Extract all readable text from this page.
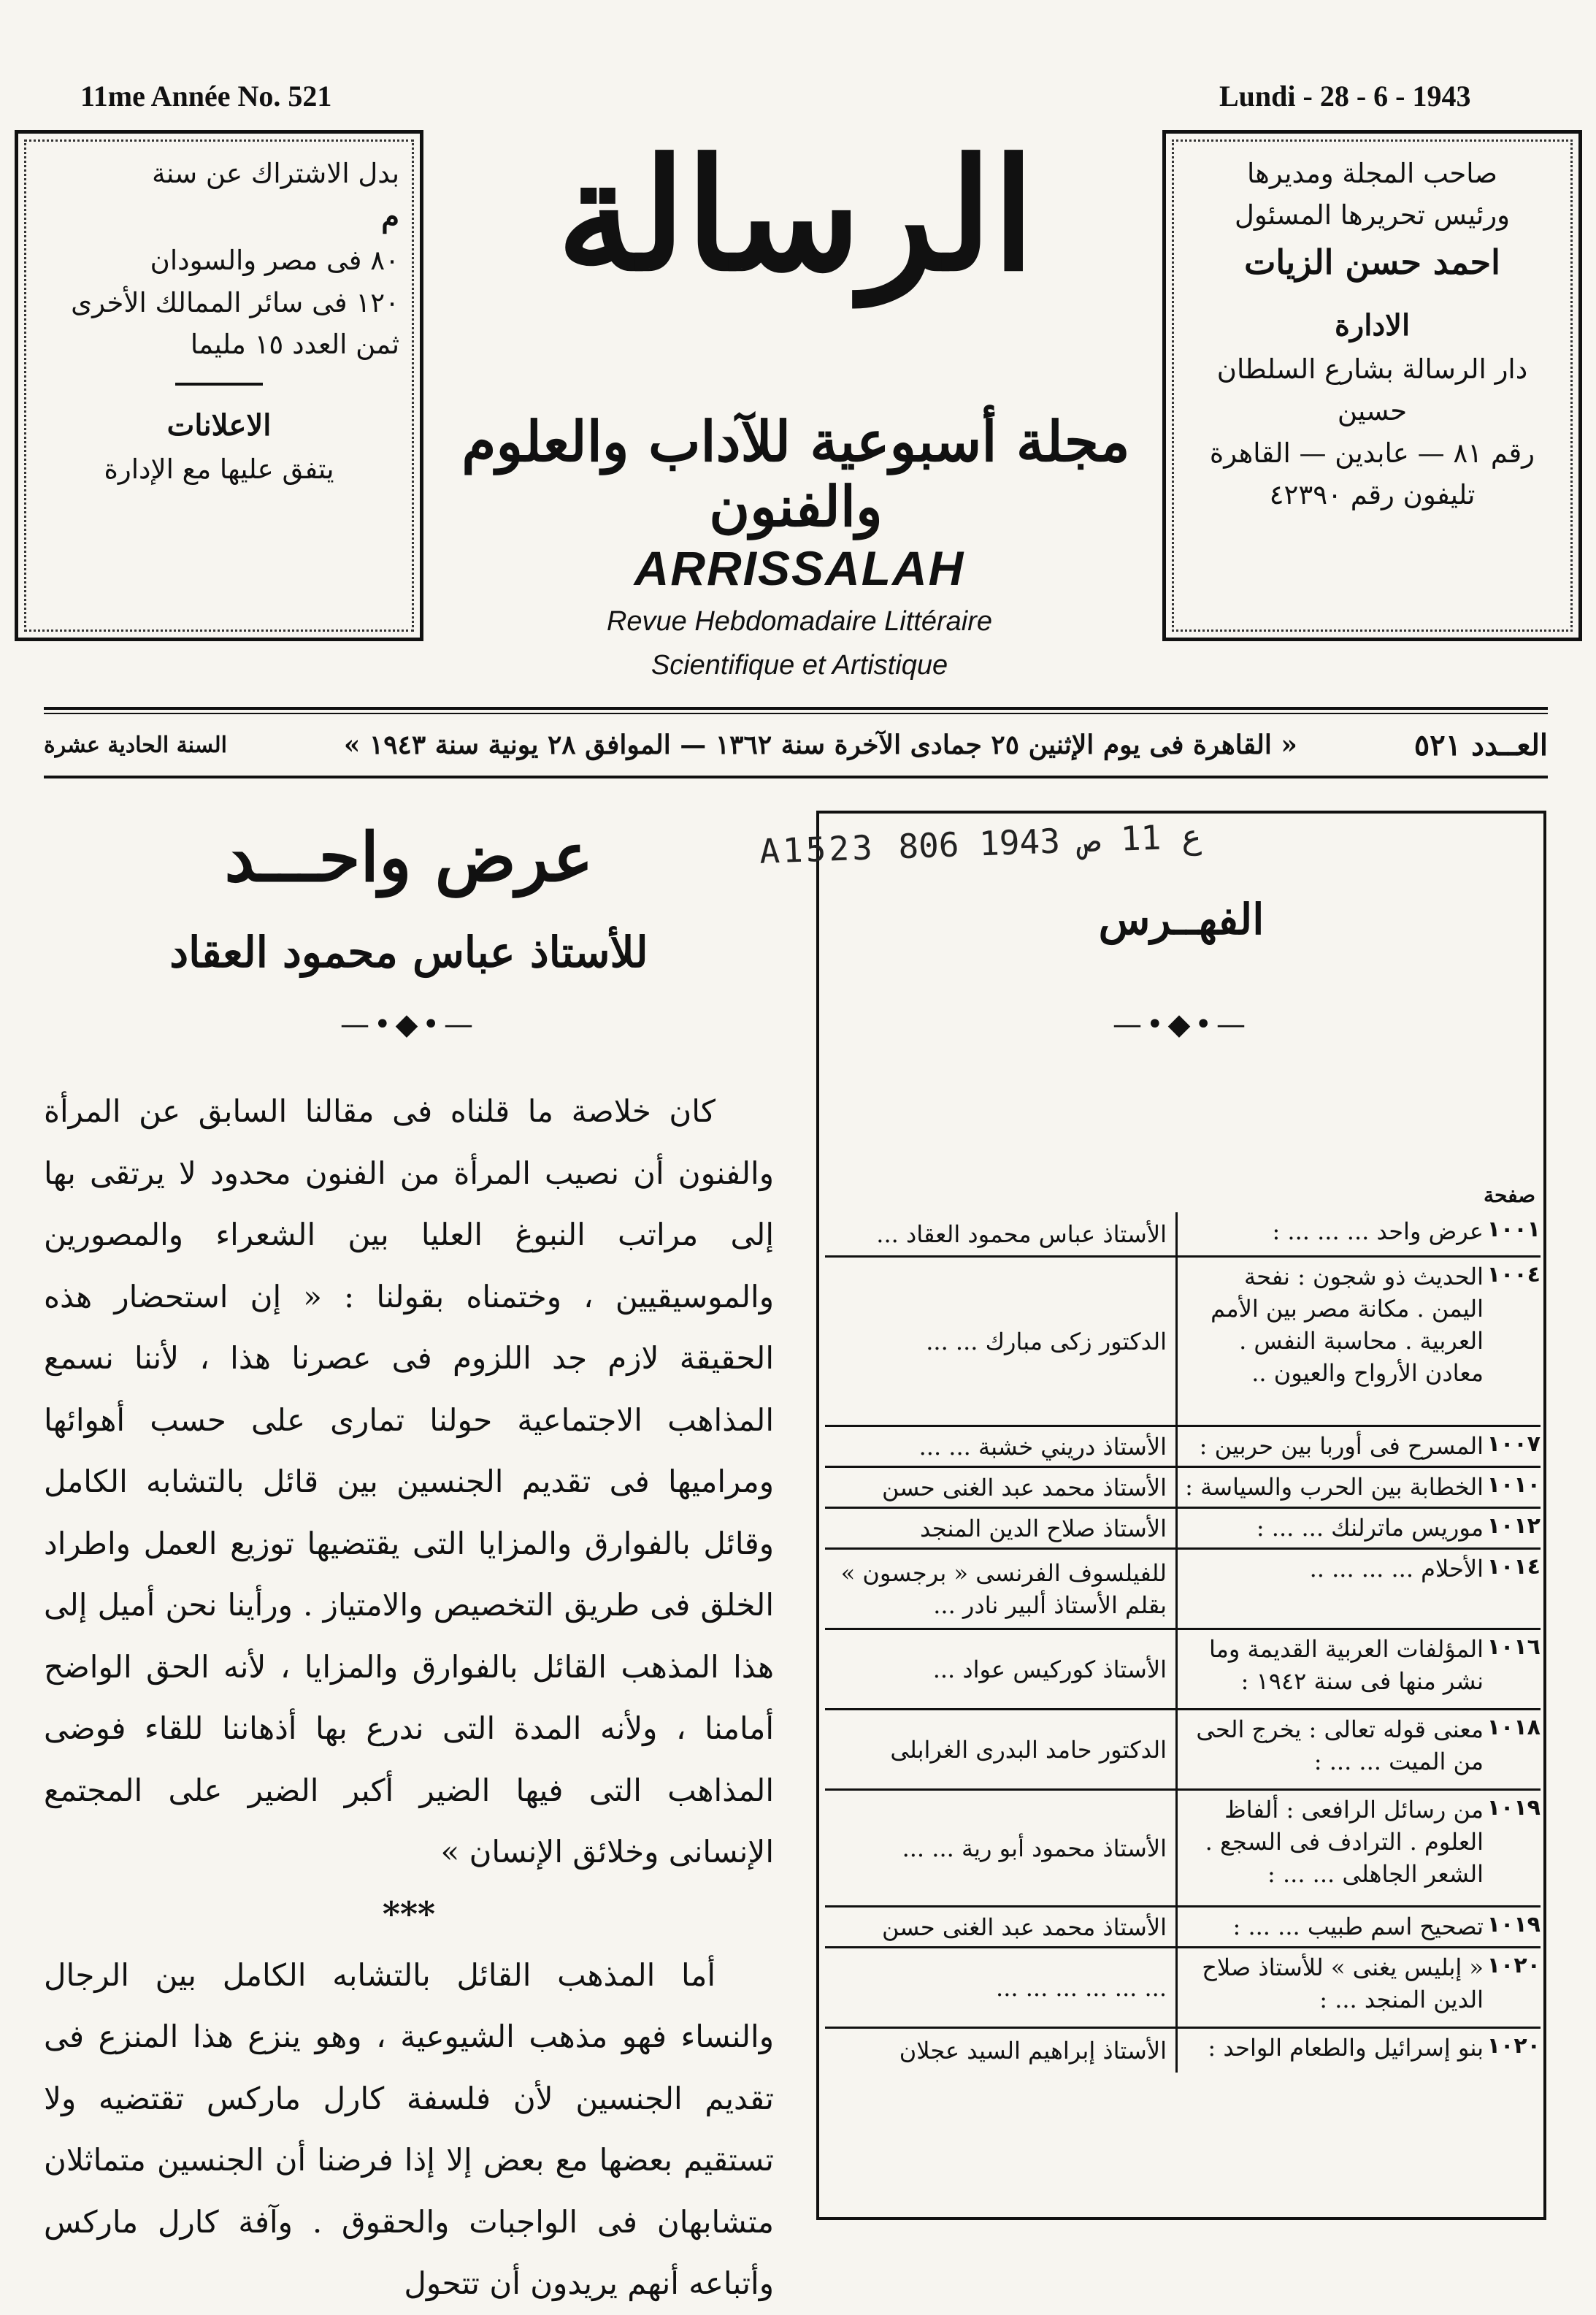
11me Année No. 521	Lundi - 28 - 6 - 1943
بدل الاشتراك عن سنة
م
٨٠ فى مصر والسودان
١٢٠ فى سائر الممالك الأخرى
ثمن العدد ١٥ مليما
الاعلانات
يتفق عليها مع الإدارة
صاحب المجلة ومديرها
ورئيس تحريرها المسئول
احمد حسن الزيات
الادارة
دار الرسالة بشارع السلطان حسين
رقم ٨١ — عابدين — القاهرة
تليفون رقم ٤٢٣٩٠
الرسالة
مجلة أسبوعية للآداب والعلوم والفنون
ARRISSALAH
Revue Hebdomadaire Littéraire
Scientifique et Artistique
العــدد ٥٢١
« القاهرة فى يوم الإثنين ٢٥ جمادى الآخرة سنة ١٣٦٢ — الموافق ٢٨ يونية سنة ١٩٤٣ »
السنة الحادية عشرة
عرض واحـــد
للأستاذ عباس محمود العقاد
—•◆•—

كان خلاصة ما قلناه فى مقالنا السابق عن المرأة والفنون أن نصيب المرأة من الفنون محدود لا يرتقى بها إلى مراتب النبوغ العليا بين الشعراء والمصورين والموسيقيين ، وختمناه بقولنا : « إن استحضار هذه الحقيقة لازم جد اللزوم فى عصرنا هذا ، لأننا نسمع المذاهب الاجتماعية حولنا تمارى على حسب أهوائها ومراميها فى تقديم الجنسين بين قائل بالتشابه الكامل وقائل بالفوارق والمزايا التى يقتضيها توزيع العمل واطراد الخلق فى طريق التخصيص والامتياز . ورأينا نحن أميل إلى هذا المذهب القائل بالفوارق والمزايا ، لأنه الحق الواضح أمامنا ، ولأنه المدة التى ندرع بها أذهاننا للقاء فوضى المذاهب التى فيها الضير أكبر الضير على المجتمع الإنسانى وخلائق الإنسان »

***

أما المذهب القائل بالتشابه الكامل بين الرجال والنساء فهو مذهب الشيوعية ، وهو ينزع هذا المنزع فى تقديم الجنسين لأن فلسفة كارل ماركس تقتضيه ولا تستقيم بعضها مع بعض إلا إذا فرضنا أن الجنسين متماثلان متشابهان فى الواجبات والحقوق . وآفة كارل ماركس وأتباعه أنهم يريدون أن تتحول

A1523 ع 11 ص 1943 806
الفهــرس
—•◆•—
صفحة
١٠٠١
عرض واحد ... ... ... :
الأستاذ عباس محمود العقاد ...
١٠٠٤
الحديث ذو شجون : نفحة اليمن . مكانة مصر بين الأمم العربية . محاسبة النفس . معادن الأرواح والعيون ..
الدكتور زكى مبارك ... ...
١٠٠٧
المسرح فى أوربا بين حربين :
الأستاذ دريني خشبة ... ...
١٠١٠
الخطابة بين الحرب والسياسة :
الأستاذ محمد عبد الغنى حسن
١٠١٢
موريس ماترلنك ... ... :
الأستاذ صلاح الدين المنجد
١٠١٤
الأحلام ... ... ... ..
للفيلسوف الفرنسى « برجسون » بقلم الأستاذ ألبير نادر ...
١٠١٦
المؤلفات العربية القديمة وما نشر منها فى سنة ١٩٤٢ :
الأستاذ كوركيس عواد ...
١٠١٨
معنى قوله تعالى : يخرج الحى من الميت ... ... :
الدكتور حامد البدرى الغرابلى
١٠١٩
من رسائل الرافعى : ألفاظ العلوم . الترادف فى السجع . الشعر الجاهلى ... ... :
الأستاذ محمود أبو رية ... ...
١٠١٩
تصحيح اسم طبيب ... ... :
الأستاذ محمد عبد الغنى حسن
١٠٢٠
« إبليس يغنى » للأستاذ صلاح الدين المنجد ... :
... ... ... ... ... ...
١٠٢٠
بنو إسرائيل والطعام الواحد :
الأستاذ إبراهيم السيد عجلان
